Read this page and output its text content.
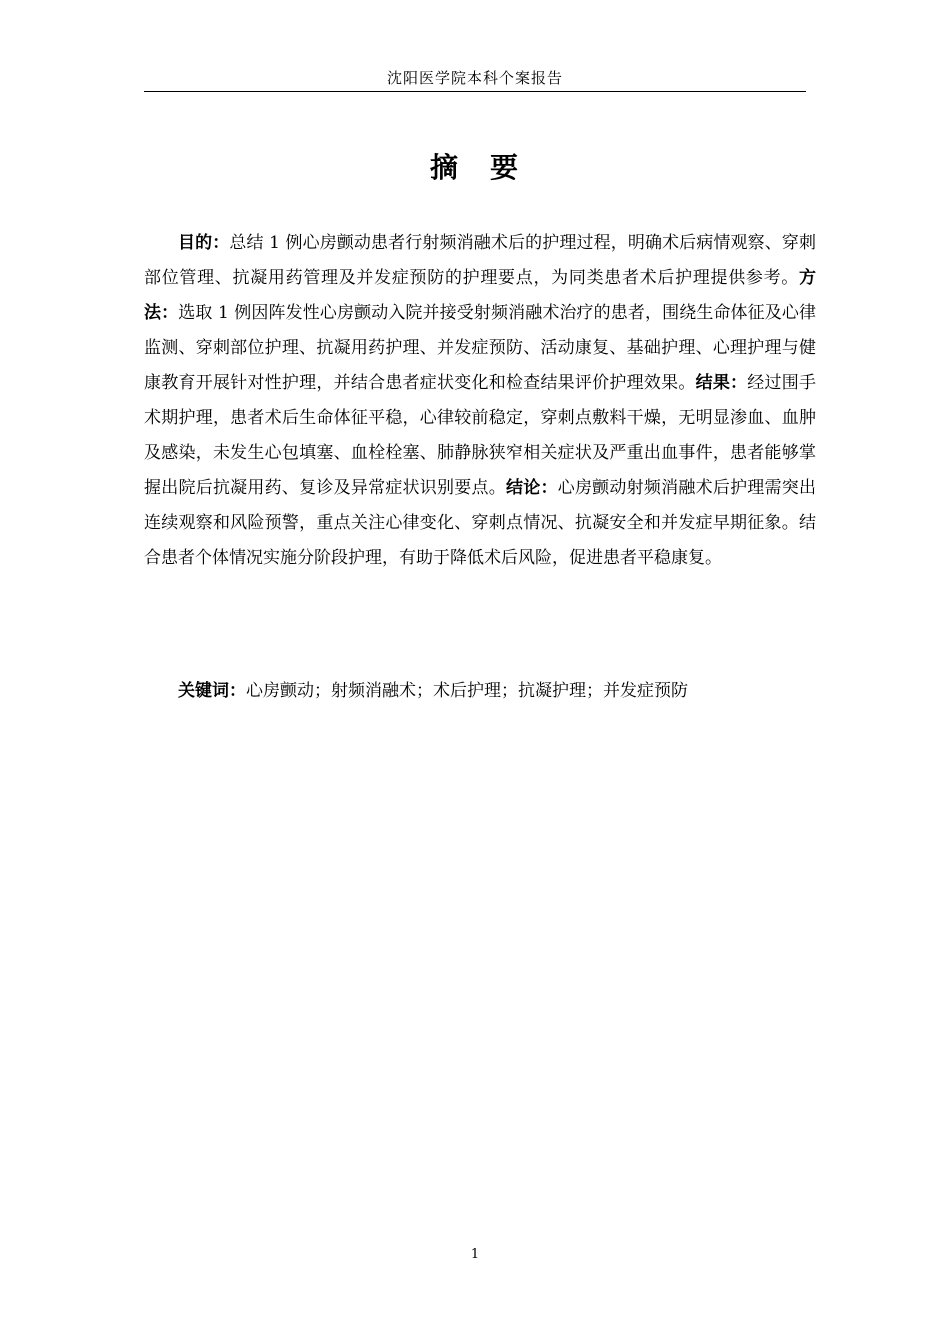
沈阳医学院本科个案报告
摘　要

目的：总结 1 例心房颤动患者行射频消融术后的护理过程，明确术后病情观察、穿刺部位管理、抗凝用药管理及并发症预防的护理要点，为同类患者术后护理提供参考。方法：选取 1 例因阵发性心房颤动入院并接受射频消融术治疗的患者，围绕生命体征及心律监测、穿刺部位护理、抗凝用药护理、并发症预防、活动康复、基础护理、心理护理与健康教育开展针对性护理，并结合患者症状变化和检查结果评价护理效果。结果：经过围手术期护理，患者术后生命体征平稳，心律较前稳定，穿刺点敷料干燥，无明显渗血、血肿及感染，未发生心包填塞、血栓栓塞、肺静脉狭窄相关症状及严重出血事件，患者能够掌握出院后抗凝用药、复诊及异常症状识别要点。结论：心房颤动射频消融术后护理需突出连续观察和风险预警，重点关注心律变化、穿刺点情况、抗凝安全和并发症早期征象。结合患者个体情况实施分阶段护理，有助于降低术后风险，促进患者平稳康复。

关键词：心房颤动；射频消融术；术后护理；抗凝护理；并发症预防

1
